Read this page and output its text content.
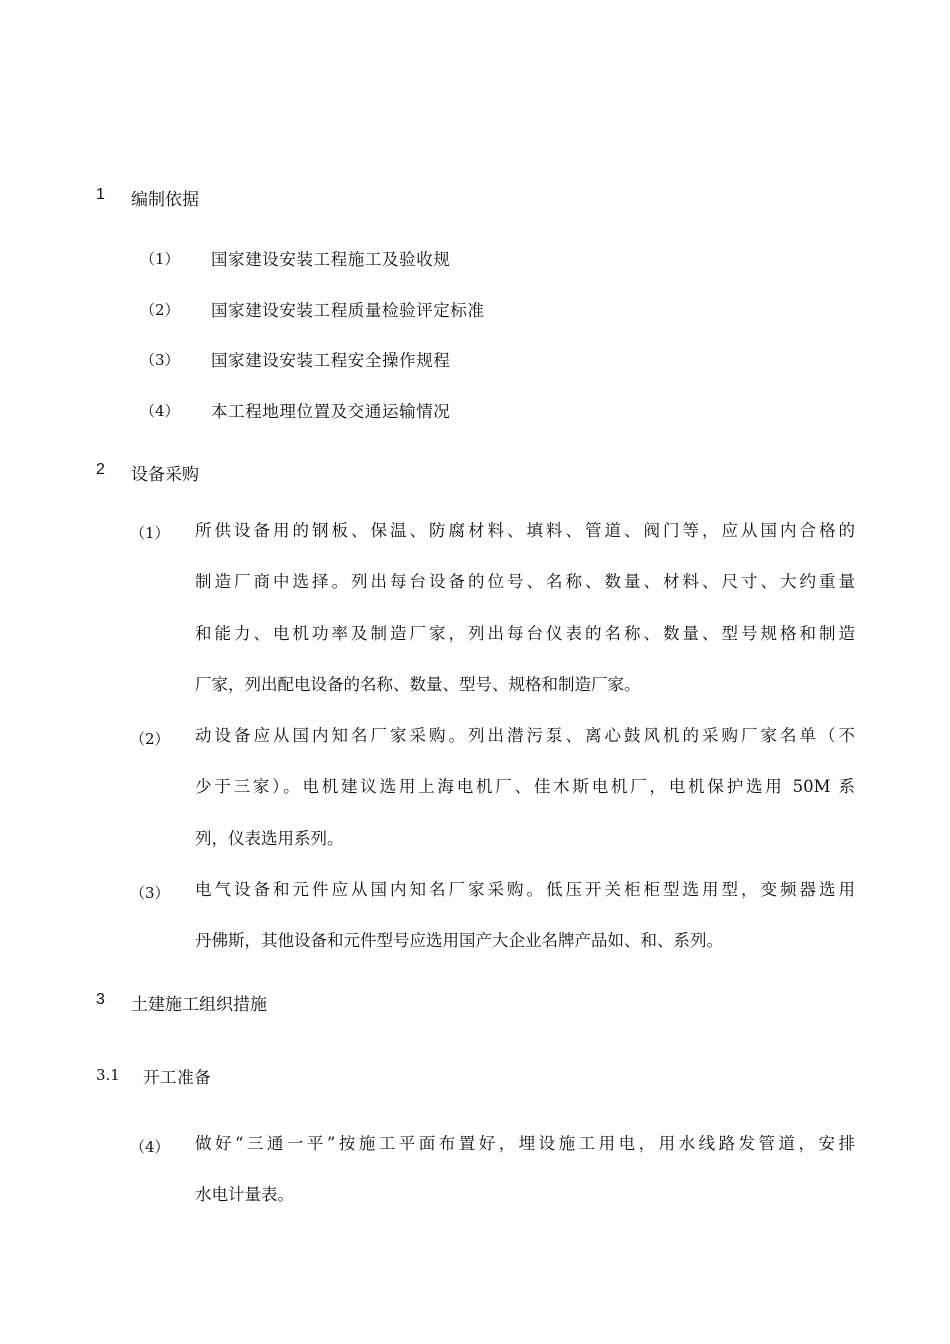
1 编制依据
（1） 国家建设安装工程施工及验收规
（2） 国家建设安装工程质量检验评定标准
（3） 国家建设安装工程安全操作规程
（4） 本工程地理位置及交通运输情况
2 设备采购
（1） 所供设备用的钢板、保温、防腐材料、填料、管道、阀门等，应从国内合格的
制造厂商中选择。列出每台设备的位号、名称、数量、材料、尺寸、大约重量
和能力、电机功率及制造厂家，列出每台仪表的名称、数量、型号规格和制造
厂家，列出配电设备的名称、数量、型号、规格和制造厂家。
（2） 动设备应从国内知名厂家采购。列出潜污泵、离心鼓风机的采购厂家名单（不
少于三家）。电机建议选用上海电机厂、佳木斯电机厂，电机保护选用 50M 系
列，仪表选用系列。
（3） 电气设备和元件应从国内知名厂家采购。低压开关柜柜型选用型，变频器选用
丹佛斯，其他设备和元件型号应选用国产大企业名牌产品如、和、系列。
3 土建施工组织措施
3.1 开工准备
（4） 做好“三通一平”按施工平面布置好，埋设施工用电，用水线路发管道，安排
水电计量表。
